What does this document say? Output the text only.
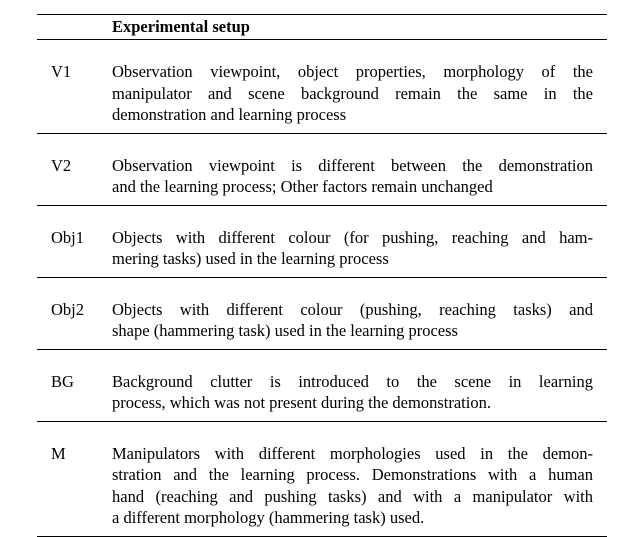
Experimental setup
V1 Observation viewpoint, object properties, morphology of the
manipulator and scene background remain the same in the
demonstration and learning process
V2 Observation viewpoint is different between the demonstration
and the learning process; Other factors remain unchanged
Obj1 Objects with different colour (for pushing, reaching and ham-
mering tasks) used in the learning process
Obj2 Objects with different colour (pushing, reaching tasks) and
shape (hammering task) used in the learning process
BG Background clutter is introduced to the scene in learning
process, which was not present during the demonstration.
M	Manipulators with different morphologies used in the demon-
stration and the learning process. Demonstrations with a human
hand (reaching and pushing tasks) and with a manipulator with
a different morphology (hammering task) used.
